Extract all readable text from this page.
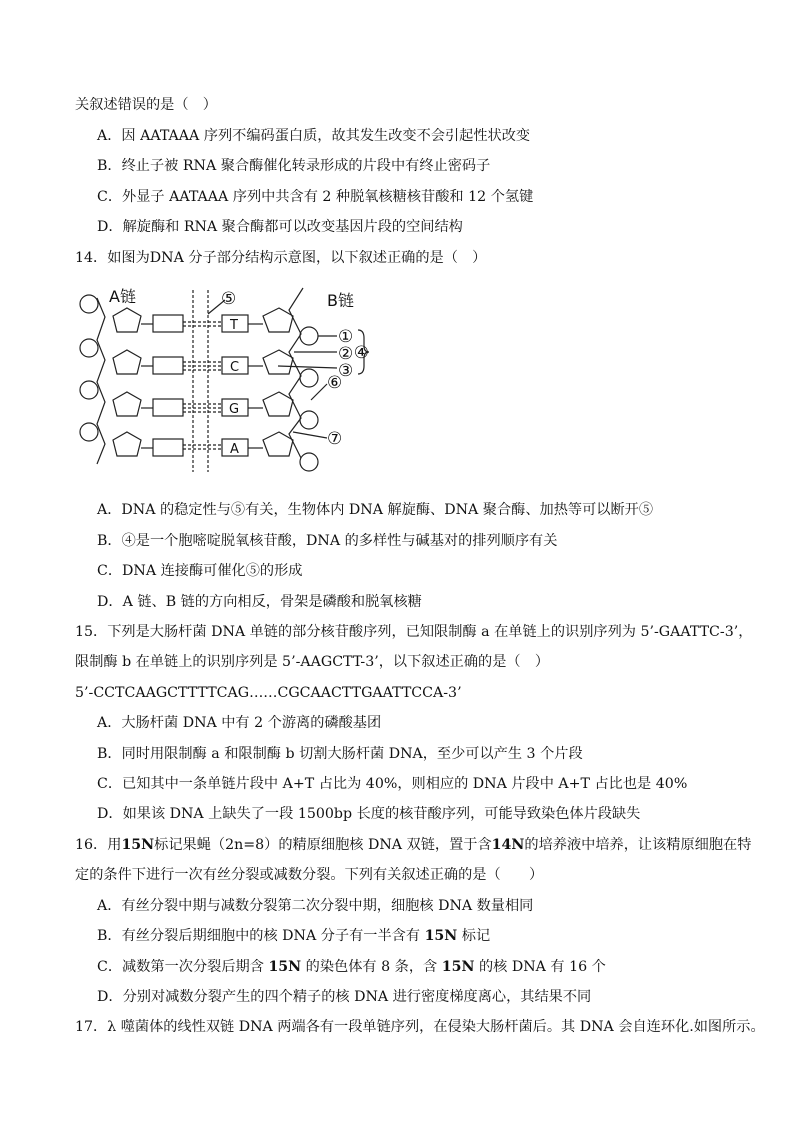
关叙述错误的是（　）
A．因 AATAAA 序列不编码蛋白质，故其发生改变不会引起性状改变
B．终止子被 RNA 聚合酶催化转录形成的片段中有终止密码子
C．外显子 AATAAA 序列中共含有 2 种脱氧核糖核苷酸和 12 个氢键
D．解旋酶和 RNA 聚合酶都可以改变基因片段的空间结构
14．如图为DNA 分子部分结构示意图，以下叙述正确的是（　）
A链	B链
T
C
G
A
⑤
①
②
③
④
⑥
⑦
A．DNA 的稳定性与⑤有关，生物体内 DNA 解旋酶、DNA 聚合酶、加热等可以断开⑤
B．④是一个胞嘧啶脱氧核苷酸，DNA 的多样性与碱基对的排列顺序有关
C．DNA 连接酶可催化⑤的形成
D．A 链、B 链的方向相反，骨架是磷酸和脱氧核糖
15．下列是大肠杆菌 DNA 单链的部分核苷酸序列，已知限制酶 a 在单链上的识别序列为 5’-GAATTC-3’，
限制酶 b 在单链上的识别序列是 5’-AAGCTT-3’，以下叙述正确的是（　）
5’-CCTCAAGCTTTTCAG……CGCAACTTGAATTCCA-3’
A．大肠杆菌 DNA 中有 2 个游离的磷酸基团
B．同时用限制酶 a 和限制酶 b 切割大肠杆菌 DNA，至少可以产生 3 个片段
C．已知其中一条单链片段中 A+T 占比为 40%，则相应的 DNA 片段中 A+T 占比也是 40%
D．如果该 DNA 上缺失了一段 1500bp 长度的核苷酸序列，可能导致染色体片段缺失
16．用15N标记果蝇（2n=8）的精原细胞核 DNA 双链，置于含14N的培养液中培养，让该精原细胞在特
定的条件下进行一次有丝分裂或减数分裂。下列有关叙述正确的是（　　）
A．有丝分裂中期与减数分裂第二次分裂中期，细胞核 DNA 数量相同
B．有丝分裂后期细胞中的核 DNA 分子有一半含有 15N 标记
C．减数第一次分裂后期含 15N 的染色体有 8 条，含 15N 的核 DNA 有 16 个
D．分别对减数分裂产生的四个精子的核 DNA 进行密度梯度离心，其结果不同
17．λ 噬菌体的线性双链 DNA 两端各有一段单链序列，在侵染大肠杆菌后。其 DNA 会自连环化.如图所示。
